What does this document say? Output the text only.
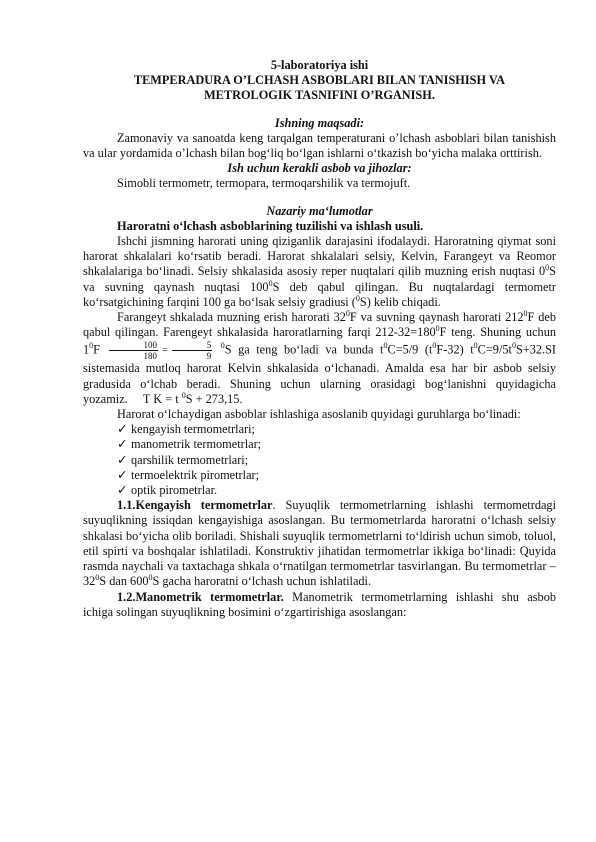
5-laboratoriya ishi

TEMPERADURA O’LCHASH ASBOBLARI BILAN TANISHISH VA

METROLOGIK TASNIFINI O’RGANISH.

Ishning maqsadi:

Zamonaviy va sanoatda keng tarqalgan temperaturani o’lchash asboblari bilan tanishish va ular yordamida o’lchash bilan bog‘liq bo‘lgan ishlarni o‘tkazish bo‘yicha malaka orttirish.

Ish uchun kerakli asbob va jihozlar:

Simobli termometr, termopara, termoqarshilik va termojuft.

Nazariy ma‘lumotlar

Haroratni o‘lchash asboblarining tuzilishi va ishlash usuli.

Ishchi jismning harorati uning qiziganlik darajasini ifodalaydi. Haroratning qiymat soni harorat shkalalari ko‘rsatib beradi. Harorat shkalalari selsiy, Kelvin, Farangeyt va Reomor shkalalariga bo‘linadi. Selsiy shkalasida asosiy reper nuqtalari qilib muzning erish nuqtasi $0^0S$ va suvning qaynash nuqtasi $100^0S$ deb qabul qilingan. Bu nuqtalardagi termometr ko‘rsatgichining farqini 100 ga bo‘lsak selsiy gradiusi ($^0$S) kelib chiqadi.

Farangeyt shkalada muzning erish harorati $32^0F$ va suvning qaynash harorati $212^0F$ deb qabul qilingan. Farengeyt shkalasida haroratlarning farqi $212-32=180^0F$ teng. Shuning uchun $1^0F \frac{100}{180} = \frac{5}{9} ^0S$ ga teng bo‘ladi va bunda $t^0C=5/9$ $(t^0F-32)$ $t^0C=9/5t^0S+32.SI$ sistemasida mutloq harorat Kelvin shkalasida o‘lchanadi. Amalda esa har bir asbob selsiy gradusida o‘lchab beradi. Shuning uchun ularning orasidagi bog‘lanishni quyidagicha yozamiz. T K = t $^0$S + 273,15.

Harorat o‘lchaydigan asboblar ishlashiga asoslanib quyidagi guruhlarga bo‘linadi:

✓ kengayish termometrlari;
✓ manometrik termometrlar;
✓ qarshilik termometrlari;
✓ termoelektrik pirometrlar;
✓ optik pirometrlar.

1.1.Kengayish termometrlar. Suyuqlik termometrlarning ishlashi termometrdagi suyuqlikning issiqdan kengayishiga asoslangan. Bu termometrlarda haroratni o‘lchash selsiy shkalasi bo‘yicha olib boriladi. Shishali suyuqlik termometrlarni to‘ldirish uchun simob, toluol, etil spirti va boshqalar ishlatiladi. Konstruktiv jihatidan termometrlar ikkiga bo‘linadi: Quyida rasmda naychali va taxtachaga shkala o‘rnatilgan termometrlar tasvirlangan. Bu termometrlar $-32^0S$ dan $600^0S$ gacha haroratni o‘lchash uchun ishlatiladi.

1.2.Manometrik termometrlar. Manometrik termometrlarning ishlashi shu asbob ichiga solingan suyuqlikning bosimini o‘zgartirishiga asoslangan:
